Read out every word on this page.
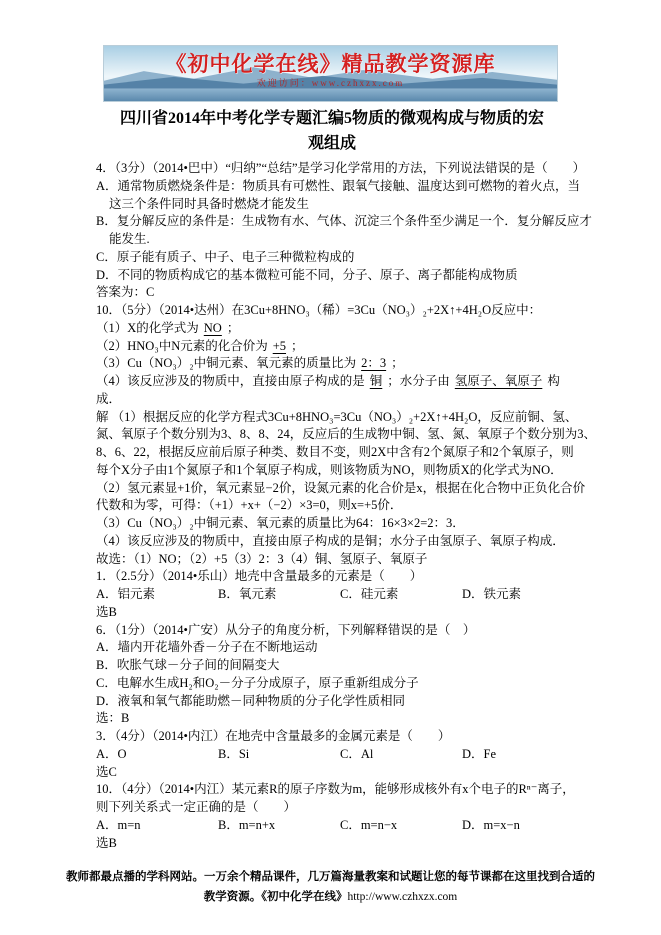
《初中化学在线》精品教学资源库
欢迎访问：www.czhxzx.com
四川省2014年中考化学专题汇编5物质的微观构成与物质的宏
观组成
4．（3分）（2014•巴中）“归纳”“总结”是学习化学常用的方法，下列说法错误的是（　　）
A．通常物质燃烧条件是：物质具有可燃性、跟氧气接触、温度达到可燃物的着火点，当
这三个条件同时具备时燃烧才能发生
B．复分解反应的条件是：生成物有水、气体、沉淀三个条件至少满足一个．复分解反应才
能发生.
C．原子能有质子、中子、电子三种微粒构成的
D．不同的物质构成它的基本微粒可能不同，分子、原子、离子都能构成物质
答案为：C
10．（5分）（2014•达州）在3Cu+8HNO₃（稀）=3Cu（NO₃）₂+2X↑+4H₂O反应中：
（1）X的化学式为 NO ；
（2）HNO₃中N元素的化合价为 +5 ；
（3）Cu（NO₃）₂中铜元素、氧元素的质量比为 2：3 ；
（4）该反应涉及的物质中，直接由原子构成的是 铜 ；水分子由 氢原子、氧原子 构
成．
解 （1）根据反应的化学方程式3Cu+8HNO₃=3Cu（NO₃）₂+2X↑+4H₂O，反应前铜、氢、
氮、氧原子个数分别为3、8、8、24，反应后的生成物中铜、氢、氮、氧原子个数分别为3、
8、6、22，根据反应前后原子种类、数目不变，则2X中含有2个氮原子和2个氧原子，则
每个X分子由1个氮原子和1个氧原子构成，则该物质为NO，则物质X的化学式为NO．
（2）氢元素显+1价，氧元素显−2价，设氮元素的化合价是x，根据在化合物中正负化合价
代数和为零，可得：（+1）+x+（−2）×3=0，则x=+5价．
（3）Cu（NO₃）₂中铜元素、氧元素的质量比为64：16×3×2=2：3．
（4）该反应涉及的物质中，直接由原子构成的是铜；水分子由氢原子、氧原子构成．
故选：（1）NO；（2）+5（3）2：3（4）铜、氢原子、氧原子
1．（2.5分）（2014•乐山）地壳中含量最多的元素是（　　）
A．铝元素	B．氧元素	C．硅元素	D．铁元素
选B
6．（1分）（2014•广安）从分子的角度分析，下列解释错误的是（　）
A．墙内开花墙外香－分子在不断地运动
B．吹胀气球－分子间的间隔变大
C．电解水生成H₂和O₂－分子分成原子，原子重新组成分子
D．液氧和氧气都能助燃－同种物质的分子化学性质相同
选：B
3．（4分）（2014•内江）在地壳中含量最多的金属元素是（　　）
A．O	B．Si	C．Al	D．Fe
选C
10．（4分）（2014•内江）某元素R的原子序数为m，能够形成核外有x个电子的Rⁿ⁻离子，
则下列关系式一定正确的是（　　）
A．m=n	B．m=n+x	C．m=n−x	D．m=x−n
选B
教师都最点播的学科网站。一万余个精品课件，几万篇海量教案和试题让您的每节课都在这里找到合适的
教学资源。《初中化学在线》http://www.czhxzx.com
